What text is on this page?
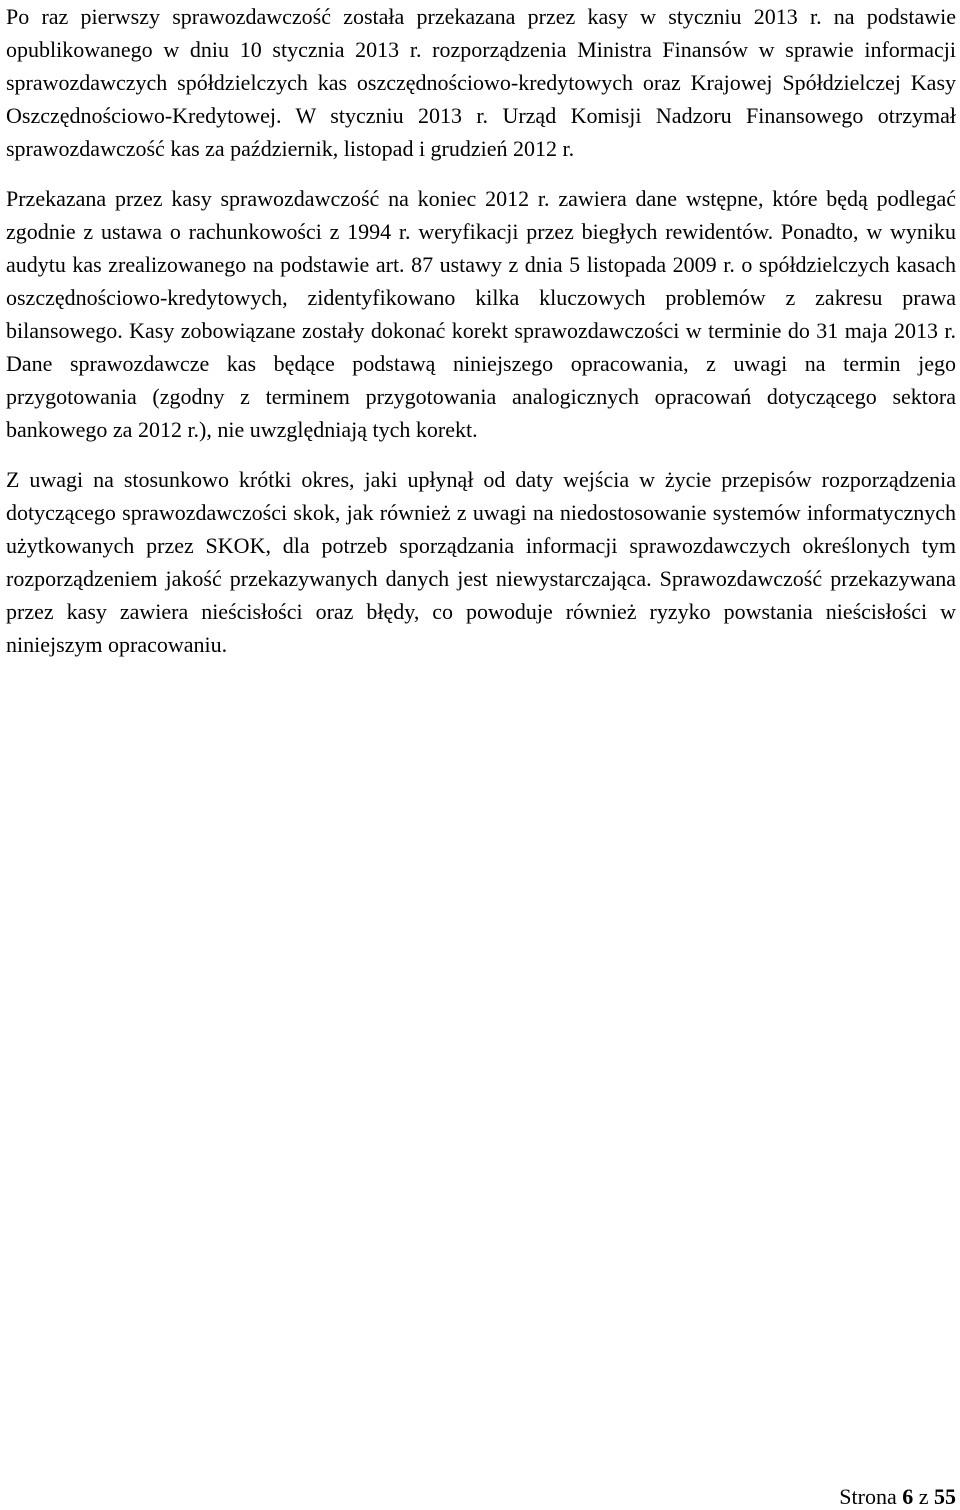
Po raz pierwszy sprawozdawczość została przekazana przez kasy w styczniu 2013 r. na podstawie opublikowanego w dniu 10 stycznia 2013 r. rozporządzenia Ministra Finansów w sprawie informacji sprawozdawczych spółdzielczych kas oszczędnościowo-kredytowych oraz Krajowej Spółdzielczej Kasy Oszczędnościowo-Kredytowej. W styczniu 2013 r. Urząd Komisji Nadzoru Finansowego otrzymał sprawozdawczość kas za październik, listopad i grudzień 2012 r.

Przekazana przez kasy sprawozdawczość na koniec 2012 r. zawiera dane wstępne, które będą podlegać zgodnie z ustawa o rachunkowości z 1994 r. weryfikacji przez biegłych rewidentów. Ponadto, w wyniku audytu kas zrealizowanego na podstawie art. 87 ustawy z dnia 5 listopada 2009 r. o spółdzielczych kasach oszczędnościowo-kredytowych, zidentyfikowano kilka kluczowych problemów z zakresu prawa bilansowego. Kasy zobowiązane zostały dokonać korekt sprawozdawczości w terminie do 31 maja 2013 r. Dane sprawozdawcze kas będące podstawą niniejszego opracowania, z uwagi na termin jego przygotowania (zgodny z terminem przygotowania analogicznych opracowań dotyczącego sektora bankowego za 2012 r.), nie uwzględniają tych korekt.

Z uwagi na stosunkowo krótki okres, jaki upłynął od daty wejścia w życie przepisów rozporządzenia dotyczącego sprawozdawczości skok, jak również z uwagi na niedostosowanie systemów informatycznych użytkowanych przez SKOK, dla potrzeb sporządzania informacji sprawozdawczych określonych tym rozporządzeniem jakość przekazywanych danych jest niewystarczająca. Sprawozdawczość przekazywana przez kasy zawiera nieścisłości oraz błędy, co powoduje również ryzyko powstania nieścisłości w niniejszym opracowaniu.

Strona 6 z 55
